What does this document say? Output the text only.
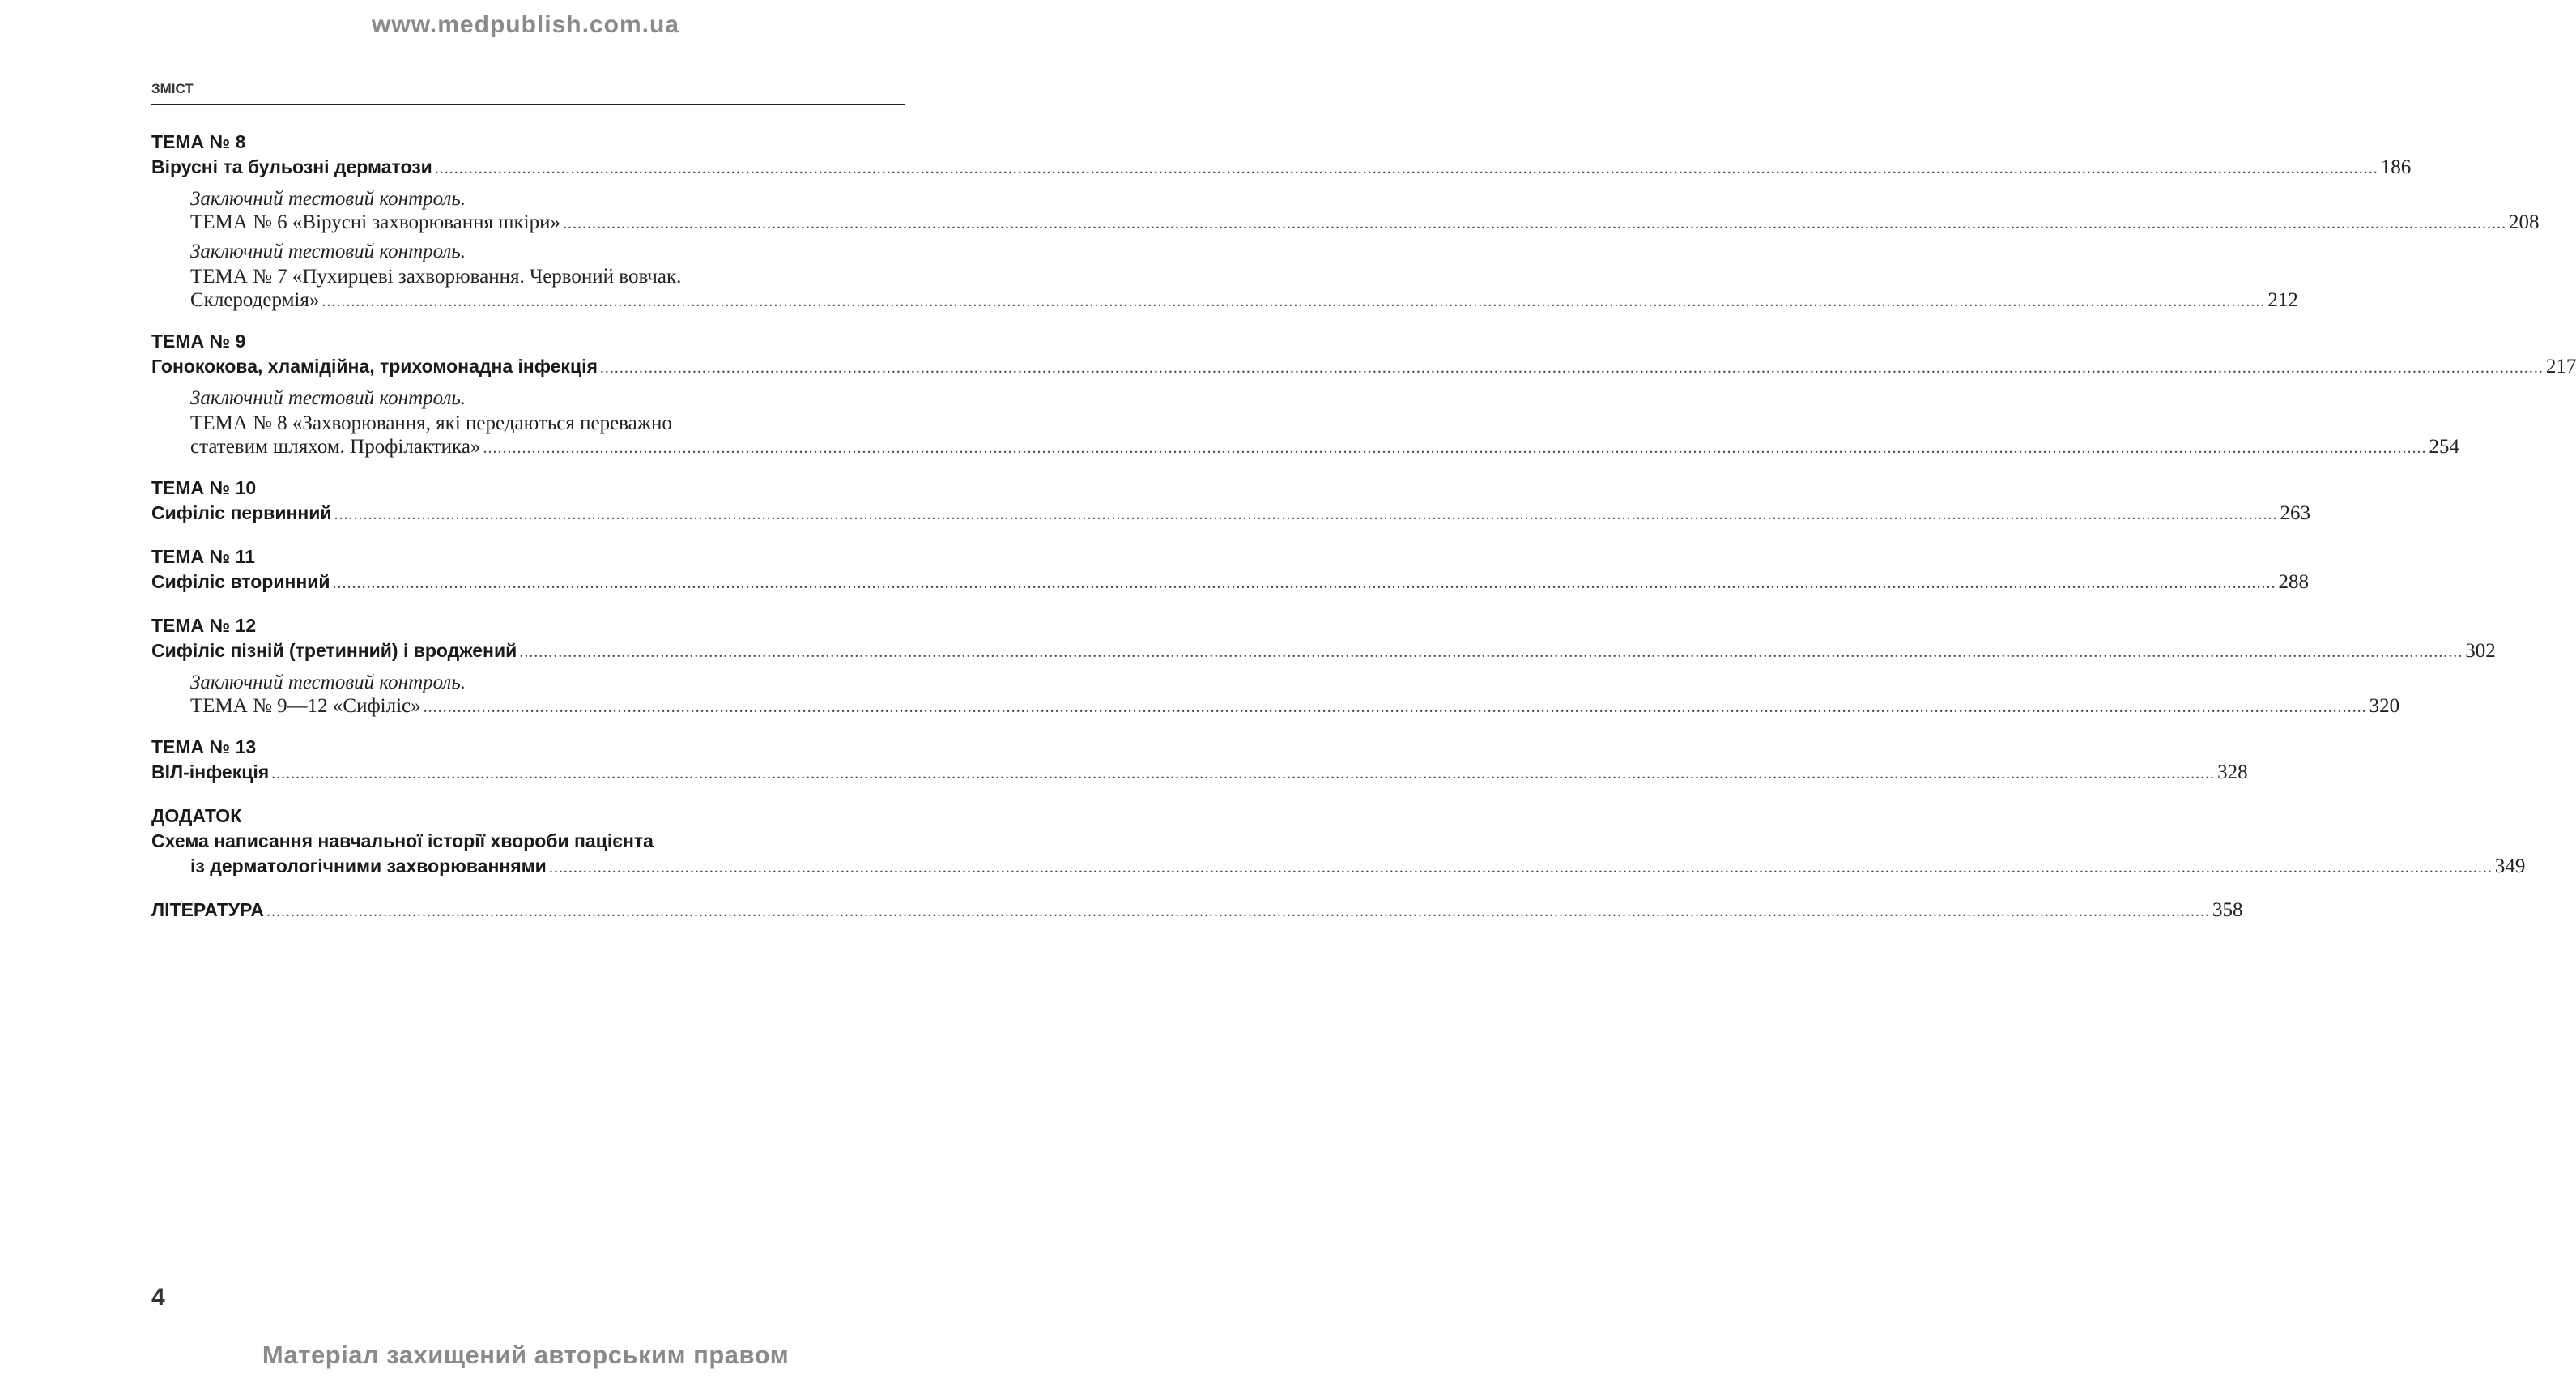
www.medpublish.com.ua
ЗМІСТ
ТЕМА № 8
Вірусні та бульозні дерматози ................................................................................................................................................................................................................................................................................................................................................................................................................ 186
Заключний тестовий контроль.
ТЕМА № 6 «Вірусні захворювання шкіри» ................................................................................................................................................................................................................................................................................................................................................................................................................ 208
Заключний тестовий контроль.
ТЕМА № 7 «Пухирцеві захворювання. Червоний вовчак.
Склеродермія» ................................................................................................................................................................................................................................................................................................................................................................................................................ 212
ТЕМА № 9
Гонококова, хламідійна, трихомонадна інфекція ................................................................................................................................................................................................................................................................................................................................................................................................................ 217
Заключний тестовий контроль.
ТЕМА № 8 «Захворювання, які передаються переважно
статевим шляхом. Профілактика» ................................................................................................................................................................................................................................................................................................................................................................................................................ 254
ТЕМА № 10
Сифіліс первинний ................................................................................................................................................................................................................................................................................................................................................................................................................ 263
ТЕМА № 11
Сифіліс вторинний ................................................................................................................................................................................................................................................................................................................................................................................................................ 288
ТЕМА № 12
Сифіліс пізній (третинний) і вроджений ................................................................................................................................................................................................................................................................................................................................................................................................................ 302
Заключний тестовий контроль.
ТЕМА № 9—12 «Сифіліс» ................................................................................................................................................................................................................................................................................................................................................................................................................ 320
ТЕМА № 13
ВІЛ-інфекція ................................................................................................................................................................................................................................................................................................................................................................................................................ 328
ДОДАТОК
Схема написання навчальної історії хвороби пацієнта
із дерматологічними захворюваннями ................................................................................................................................................................................................................................................................................................................................................................................................................ 349
ЛІТЕРАТУРА ................................................................................................................................................................................................................................................................................................................................................................................................................ 358
4
Матеріал захищений авторським правом
